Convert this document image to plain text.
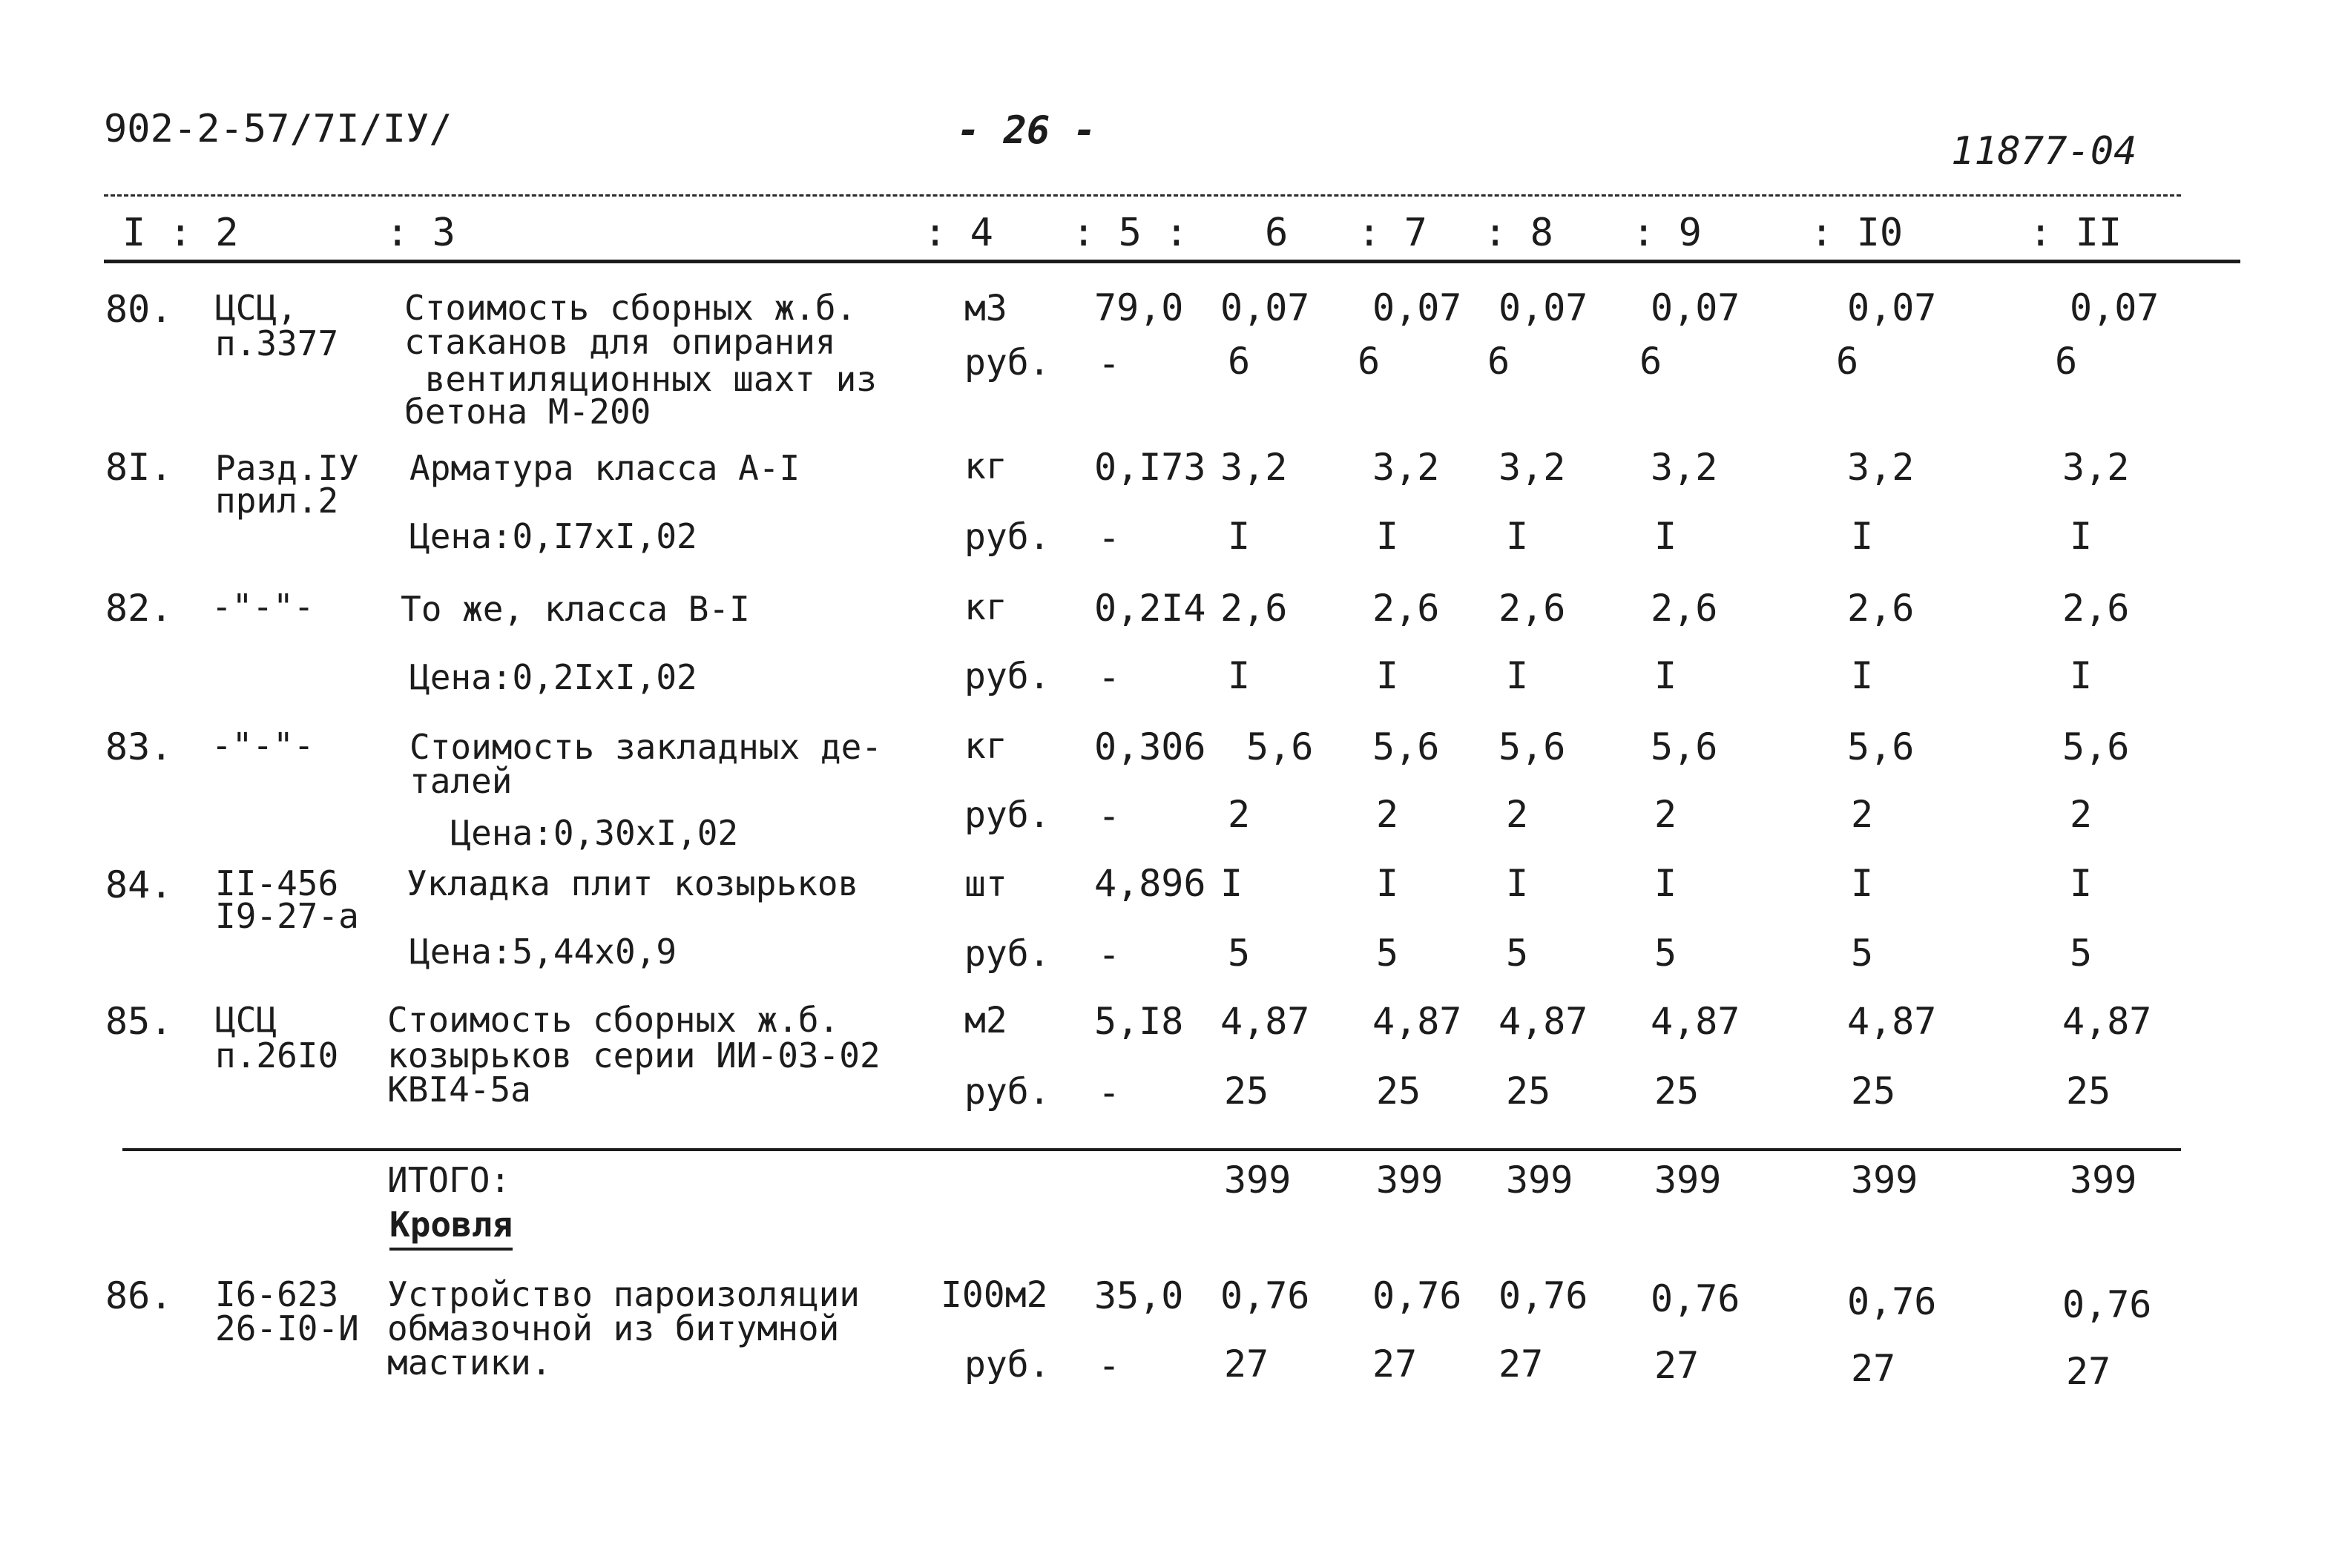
902-2-57/7I/IУ/	- 26 -	11877-04
I : 2	: 3	: 4 : 5 : 6 : 7 : 8 : 9	: I0	: II
80. ЦСЦ,
п.3377
Стоимость сборных ж.б.
стаканов для опирания
вентиляционных шахт из
бетона М-200
м3 79,0 0,07 0,07 0,07 0,07	0,07	0,07
руб. -	6	6	6	6	6	6
8I. Разд.IУ
прил.2
Арматура класса А-I
Цена:0,I7xI,02
кг 0,I73 3,2 3,2 3,2 3,2	3,2	3,2
руб. -	I	I	I	I	I	I
82. -"-"-	То же, класса В-I
Цена:0,2IxI,02
кг 0,2I4 2,6 2,6 2,6 2,6	2,6	2,6
руб. -	I	I	I	I	I	I
83. -"-"-	Стоимость закладных де-
талей
Цена:0,30xI,02
кг 0,306 5,6 5,6 5,6 5,6	5,6	5,6
руб. -	2	2	2	2	2	2
84. II-456
I9-27-а
Укладка плит козырьков
Цена:5,44x0,9
шт 4,896 I	I	I	I	I	I
руб. -	5	5	5	5	5	5
85. ЦСЦ
п.26I0
Стоимость сборных ж.б.
козырьков серии ИИ-03-02
КВI4-5а
м2 5,I8 4,87 4,87 4,87 4,87	4,87	4,87
руб. -	25	25 25	25	25	25
ИТОГО:	399 399 399 399	399	399
Кровля
86. I6-623
26-I0-И
Устройство пароизоляции
обмазочной из битумной
мастики.
I00м2 35,0 0,76 0,76 0,76 0,76	0,76	0,76
руб. -	27	27 27	27	27	27
